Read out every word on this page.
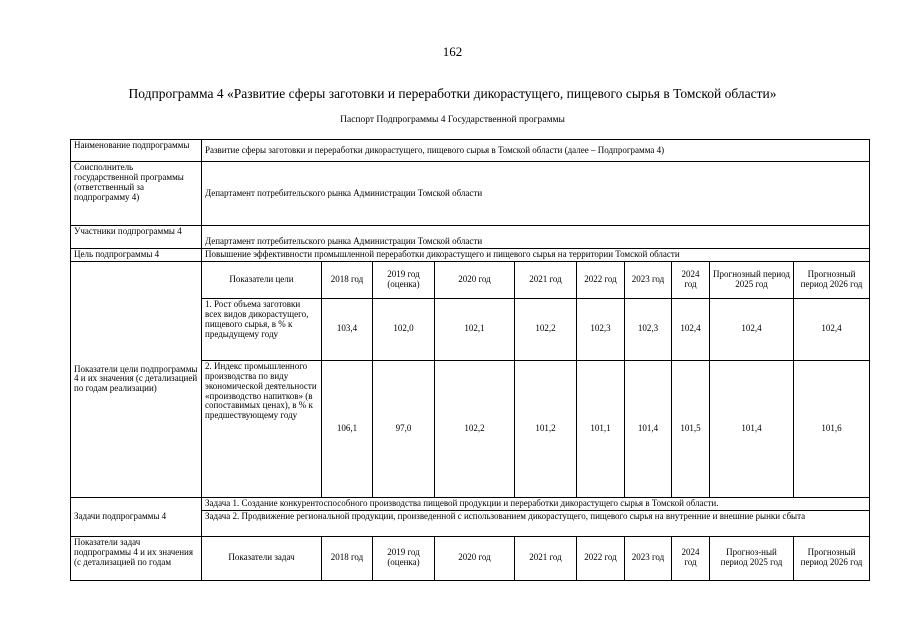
162
Подпрограмма 4 «Развитие сферы заготовки и переработки дикорастущего, пищевого сырья в Томской области»
Паспорт Подпрограммы 4 Государственной программы
Наименование подпрограммы	Развитие сферы заготовки и переработки дикорастущего, пищевого сырья в Томской области (далее – Подпрограмма 4)									
Соисполнитель государственной программы (ответственный за подпрограмму 4)	Департамент потребительского рынка Администрации Томской области									
Участники подпрограммы 4	Департамент потребительского рынка Администрации Томской области									
Цель подпрограммы 4	Повышение эффективности промышленной переработки дикорастущего и пищевого сырья на территории Томской области									
Показатели цели подпрограммы 4 и их значения (с детализацией по годам реализации)	Показатели цели	2018 год	2019 год (оценка)	2020 год	2021 год	2022 год	2023 год	2024 год	Прогнозный период 2025 год	Прогнозный период 2026 год
	1. Рост объема заготовки всех видов дикорастущего, пищевого сырья, в % к предыдущему году	103,4	102,0	102,1	102,2	102,3	102,3	102,4	102,4	102,4
	2. Индекс промышленного производства по виду экономической деятельности «производство напитков» (в сопоставимых ценах), в % к предшествующему году	106,1	97,0	102,2	101,2	101,1	101,4	101,5	101,4	101,6
Задачи подпрограммы 4	Задача 1. Создание конкурентоспособного производства пищевой продукции и переработки дикорастущего сырья в Томской области.									
	Задача 2. Продвижение региональной продукции, произведенной с использованием дикорастущего, пищевого сырья на внутренние и внешние рынки сбыта									
Показатели задач подпрограммы 4 и их значения (с детализацией по годам	Показатели задач	2018 год	2019 год (оценка)	2020 год	2021 год	2022 год	2023 год	2024 год	Прогноз-ный период 2025 год	Прогнозный период 2026 год
